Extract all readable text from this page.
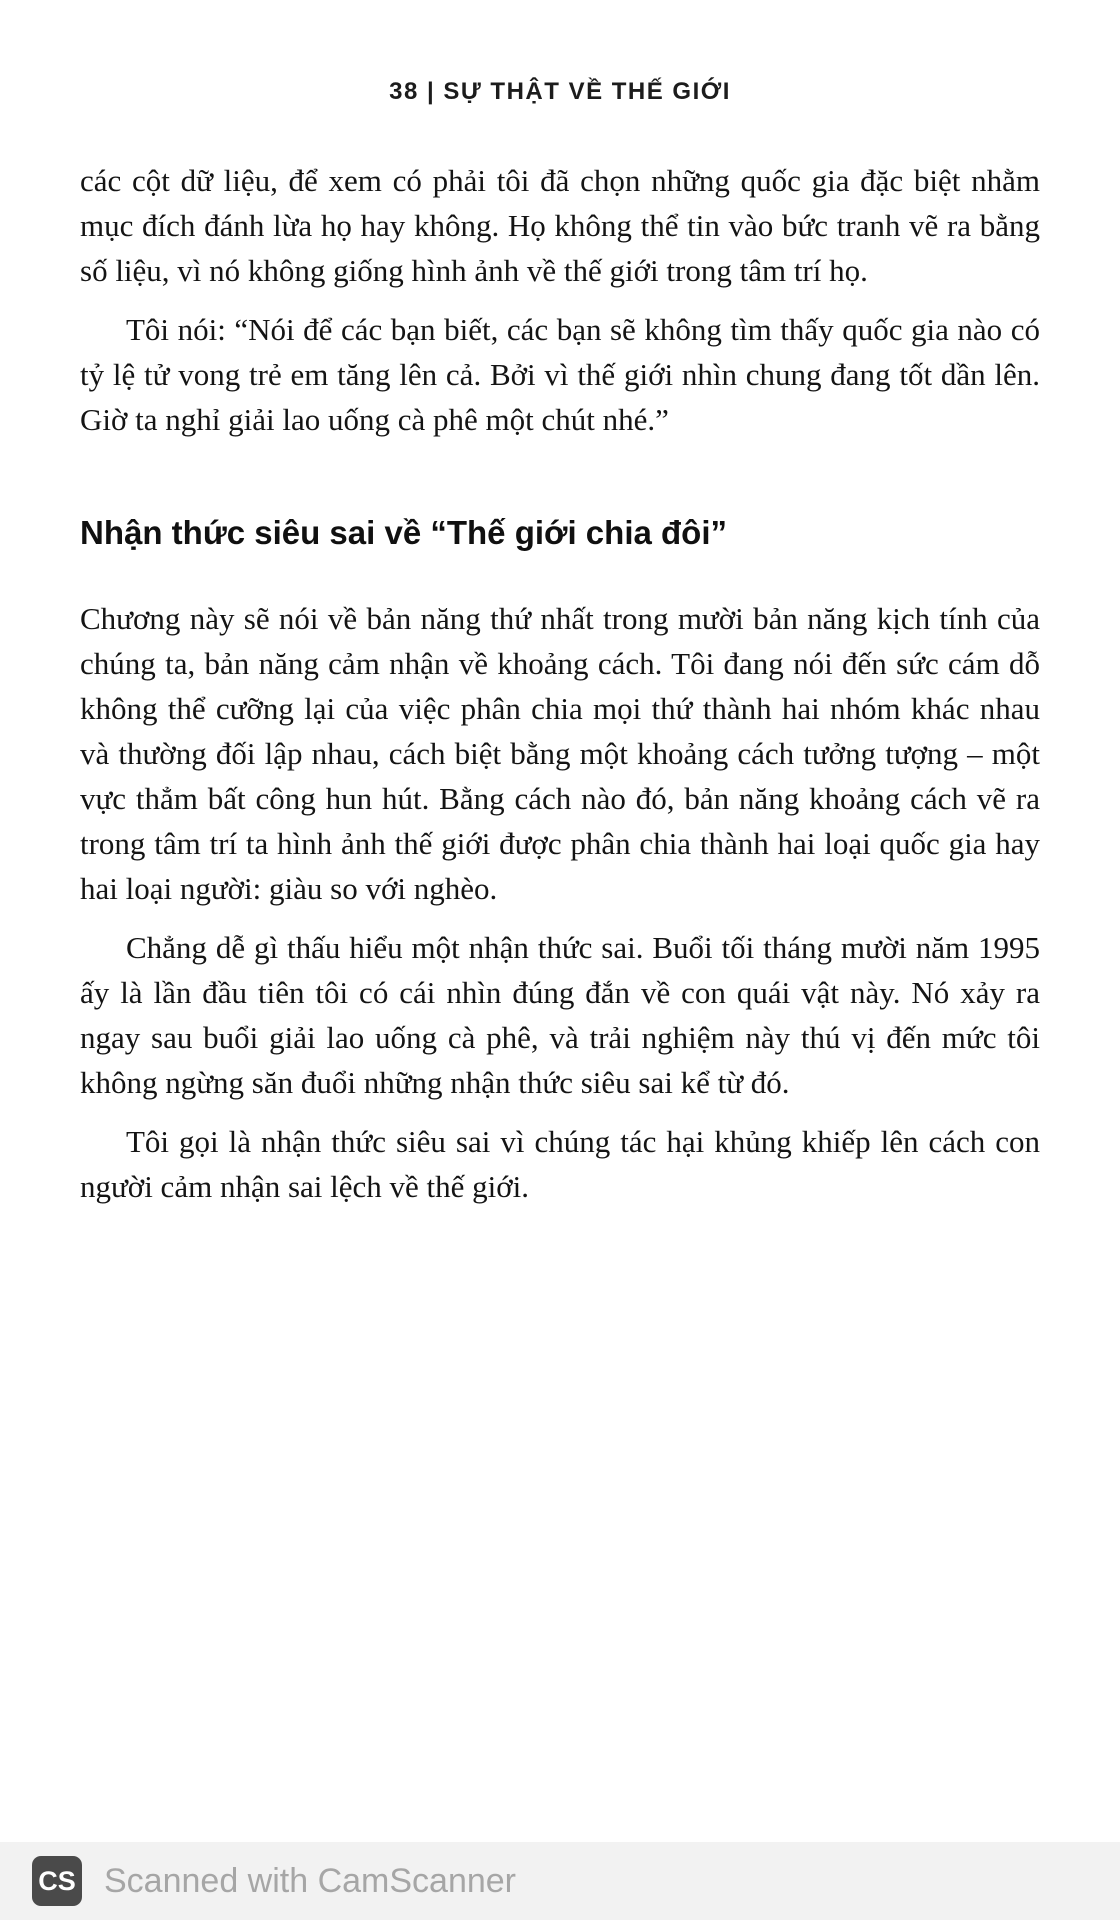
38 | SỰ THẬT VỀ THẾ GIỚI

các cột dữ liệu, để xem có phải tôi đã chọn những quốc gia đặc biệt nhằm mục đích đánh lừa họ hay không. Họ không thể tin vào bức tranh vẽ ra bằng số liệu, vì nó không giống hình ảnh về thế giới trong tâm trí họ.

Tôi nói: “Nói để các bạn biết, các bạn sẽ không tìm thấy quốc gia nào có tỷ lệ tử vong trẻ em tăng lên cả. Bởi vì thế giới nhìn chung đang tốt dần lên. Giờ ta nghỉ giải lao uống cà phê một chút nhé.”

Nhận thức siêu sai về “Thế giới chia đôi”

Chương này sẽ nói về bản năng thứ nhất trong mười bản năng kịch tính của chúng ta, bản năng cảm nhận về khoảng cách. Tôi đang nói đến sức cám dỗ không thể cưỡng lại của việc phân chia mọi thứ thành hai nhóm khác nhau và thường đối lập nhau, cách biệt bằng một khoảng cách tưởng tượng – một vực thẳm bất công hun hút. Bằng cách nào đó, bản năng khoảng cách vẽ ra trong tâm trí ta hình ảnh thế giới được phân chia thành hai loại quốc gia hay hai loại người: giàu so với nghèo.

Chẳng dễ gì thấu hiểu một nhận thức sai. Buổi tối tháng mười năm 1995 ấy là lần đầu tiên tôi có cái nhìn đúng đắn về con quái vật này. Nó xảy ra ngay sau buổi giải lao uống cà phê, và trải nghiệm này thú vị đến mức tôi không ngừng săn đuổi những nhận thức siêu sai kể từ đó.

Tôi gọi là nhận thức siêu sai vì chúng tác hại khủng khiếp lên cách con người cảm nhận sai lệch về thế giới.

CS Scanned with CamScanner
